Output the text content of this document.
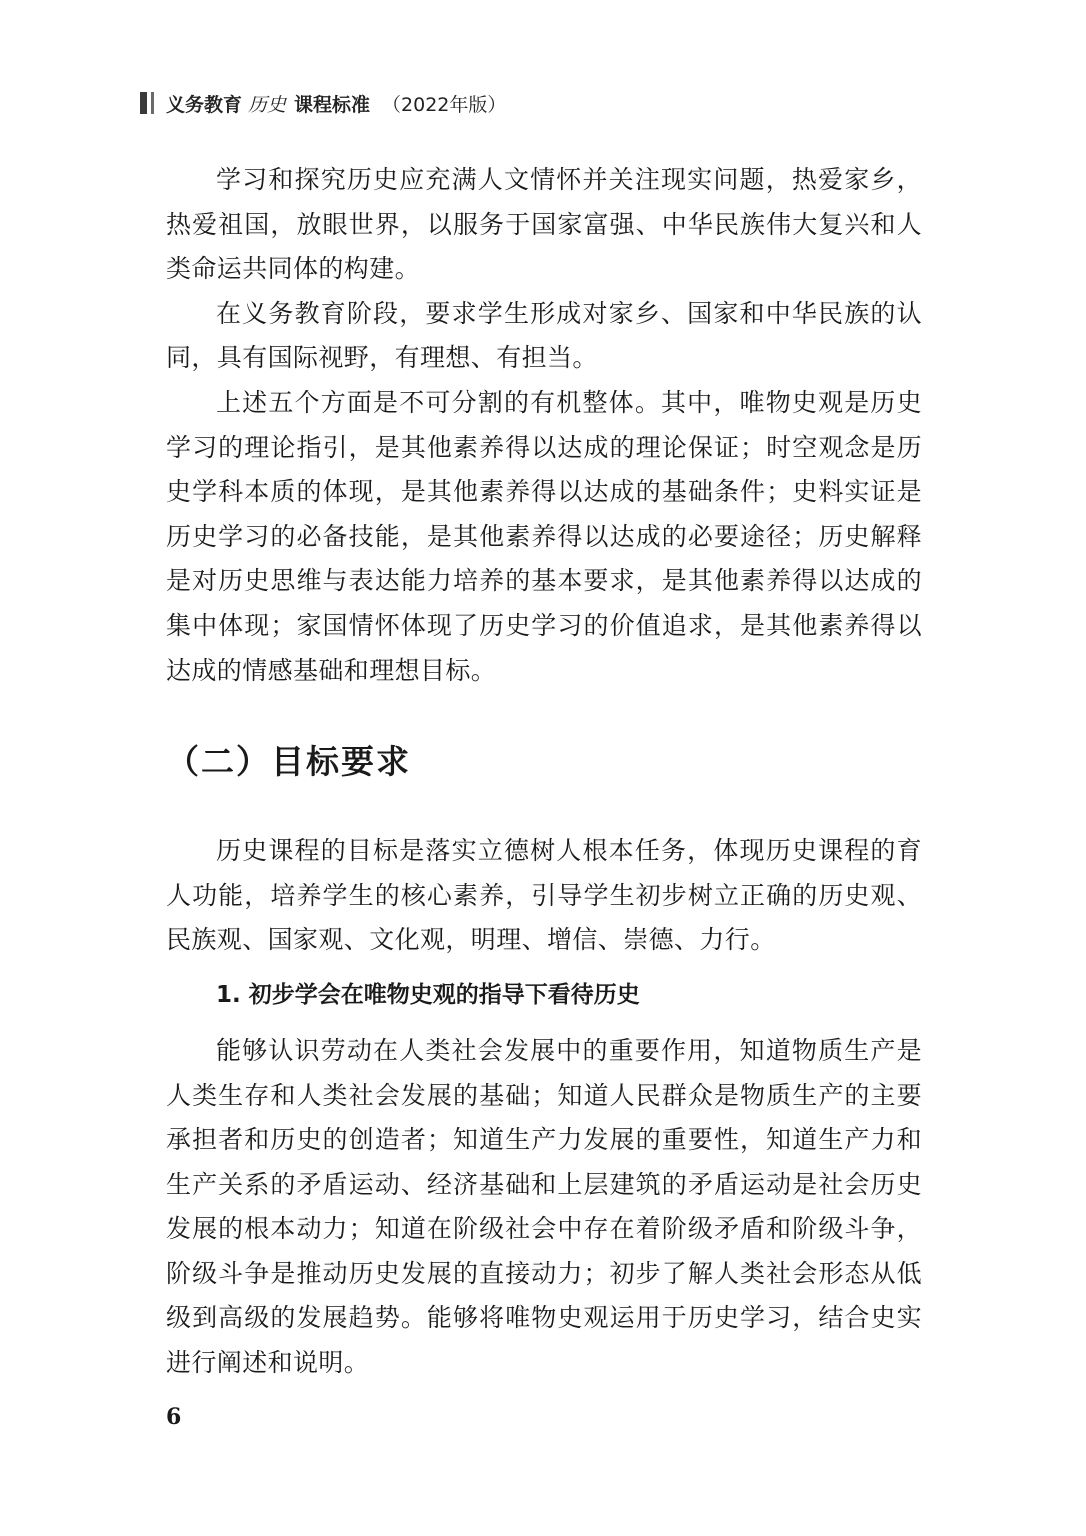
义务教育 历史 课程标准 （2022年版）

学习和探究历史应充满人文情怀并关注现实问题，热爱家乡，热爱祖国，放眼世界，以服务于国家富强、中华民族伟大复兴和人类命运共同体的构建。

在义务教育阶段，要求学生形成对家乡、国家和中华民族的认同，具有国际视野，有理想、有担当。

上述五个方面是不可分割的有机整体。其中，唯物史观是历史学习的理论指引，是其他素养得以达成的理论保证；时空观念是历史学科本质的体现，是其他素养得以达成的基础条件；史料实证是历史学习的必备技能，是其他素养得以达成的必要途径；历史解释是对历史思维与表达能力培养的基本要求，是其他素养得以达成的集中体现；家国情怀体现了历史学习的价值追求，是其他素养得以达成的情感基础和理想目标。

（二）目标要求

历史课程的目标是落实立德树人根本任务，体现历史课程的育人功能，培养学生的核心素养，引导学生初步树立正确的历史观、民族观、国家观、文化观，明理、增信、崇德、力行。

1. 初步学会在唯物史观的指导下看待历史

能够认识劳动在人类社会发展中的重要作用，知道物质生产是人类生存和人类社会发展的基础；知道人民群众是物质生产的主要承担者和历史的创造者；知道生产力发展的重要性，知道生产力和生产关系的矛盾运动、经济基础和上层建筑的矛盾运动是社会历史发展的根本动力；知道在阶级社会中存在着阶级矛盾和阶级斗争，阶级斗争是推动历史发展的直接动力；初步了解人类社会形态从低级到高级的发展趋势。能够将唯物史观运用于历史学习，结合史实进行阐述和说明。

6
